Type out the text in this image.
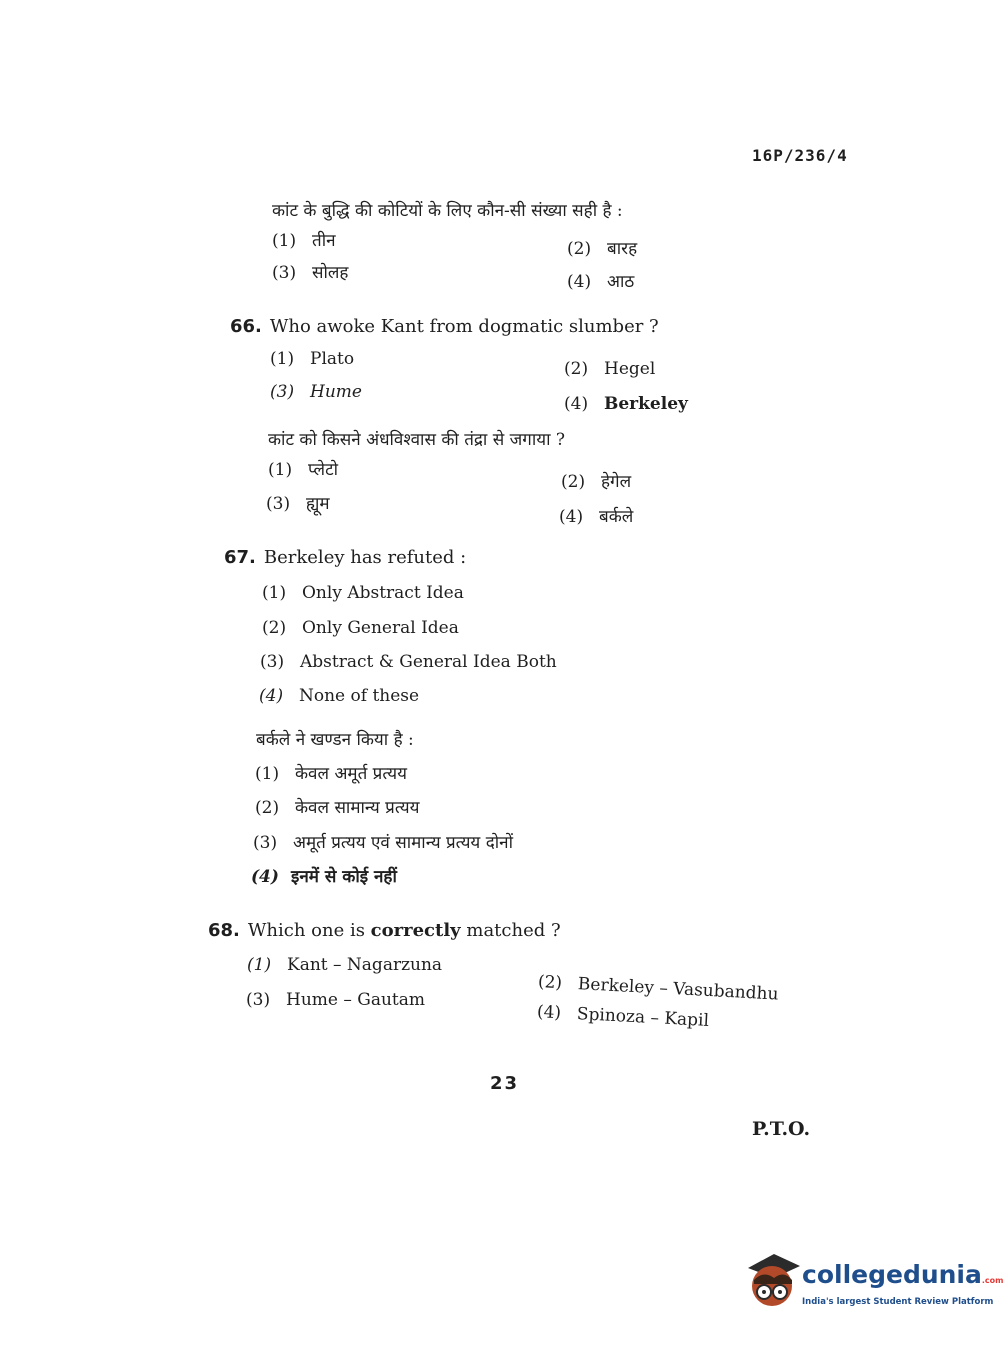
16P/236/4
कांट के बुद्धि की कोटियों के लिए कौन-सी संख्या सही है :
(1) तीन	(2) बारह
(3) सोलह	(4) आठ
66. Who awoke Kant from dogmatic slumber ?
(1) Plato	(2) Hegel
(3) Hume
(4) Berkeley
कांट को किसने अंधविश्वास की तंद्रा से जगाया ?
(1) प्लेटो
(2) हेगेल
(3) ह्यूम
(4) बर्कले
67. Berkeley has refuted :
(1) Only Abstract Idea
(2) Only General Idea
(3) Abstract & General Idea Both
(4) None of these
बर्कले ने खण्डन किया है :
(1) केवल अमूर्त प्रत्यय
(2) केवल सामान्य प्रत्यय
(3) अमूर्त प्रत्यय एवं सामान्य प्रत्यय दोनों
(4) इनमें से कोई नहीं
68. Which one is correctly matched ?
(1) Kant – Nagarzuna
(2) Berkeley – Vasubandhu
(3) Hume – Gautam
(4) Spinoza – Kapil
23
P.T.O.
collegedunia.com
India's largest Student Review Platform
